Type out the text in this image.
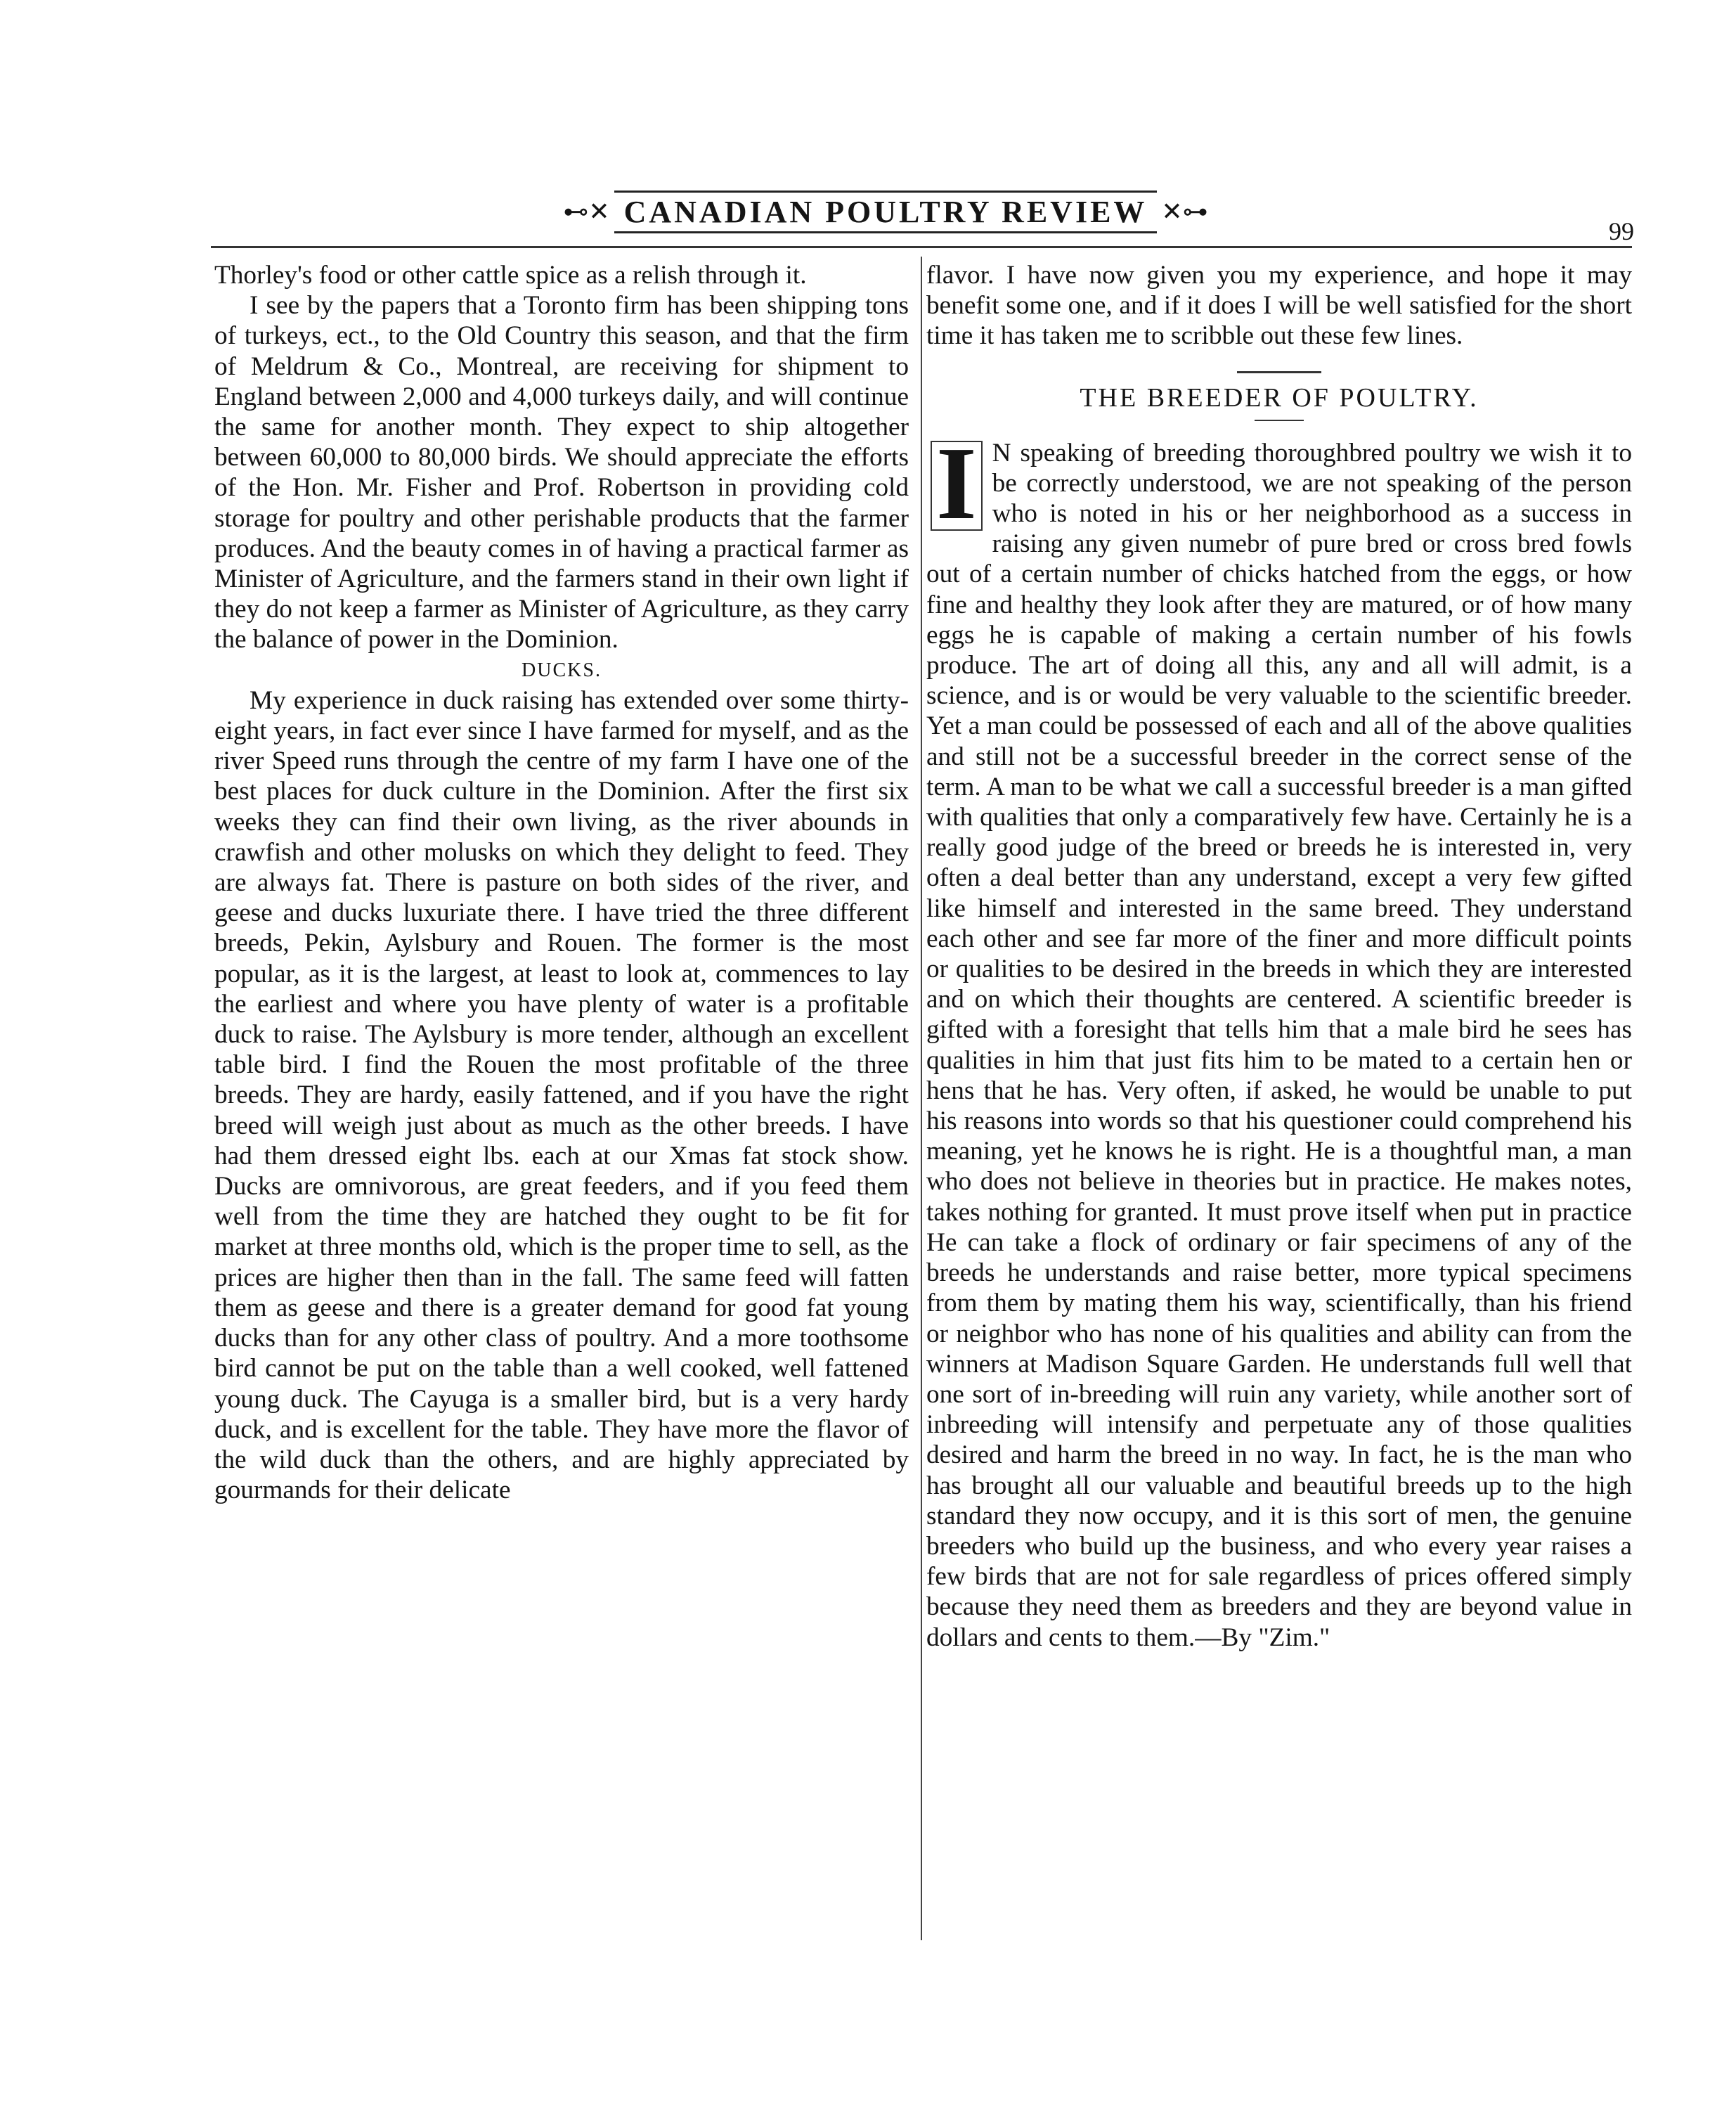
⊷✕ CANADIAN POULTRY REVIEW ✕⊶
99

Thorley's food or other cattle spice as a relish through it.

I see by the papers that a Toronto firm has been shipping tons of turkeys, ect., to the Old Country this season, and that the firm of Meldrum & Co., Montreal, are receiving for shipment to England between 2,000 and 4,000 turkeys daily, and will continue the same for another month. They expect to ship altogether between 60,000 to 80,000 birds. We should appreciate the efforts of the Hon. Mr. Fisher and Prof. Robertson in providing cold storage for poultry and other perishable products that the farmer produces. And the beauty comes in of having a practical farmer as Minister of Agriculture, and the farmers stand in their own light if they do not keep a farmer as Minister of Agriculture, as they carry the balance of power in the Dominion.

DUCKS.

My experience in duck raising has extended over some thirty-eight years, in fact ever since I have farmed for myself, and as the river Speed runs through the centre of my farm I have one of the best places for duck culture in the Dominion. After the first six weeks they can find their own living, as the river abounds in crawfish and other molusks on which they delight to feed. They are always fat. There is pasture on both sides of the river, and geese and ducks luxuriate there. I have tried the three different breeds, Pekin, Aylsbury and Rouen. The former is the most popular, as it is the largest, at least to look at, commences to lay the earliest and where you have plenty of water is a profitable duck to raise. The Aylsbury is more tender, although an excellent table bird. I find the Rouen the most profitable of the three breeds. They are hardy, easily fattened, and if you have the right breed will weigh just about as much as the other breeds. I have had them dressed eight lbs. each at our Xmas fat stock show. Ducks are omnivorous, are great feeders, and if you feed them well from the time they are hatched they ought to be fit for market at three months old, which is the proper time to sell, as the prices are higher then than in the fall. The same feed will fatten them as geese and there is a greater demand for good fat young ducks than for any other class of poultry. And a more toothsome bird cannot be put on the table than a well cooked, well fattened young duck. The Cayuga is a smaller bird, but is a very hardy duck, and is excellent for the table. They have more the flavor of the wild duck than the others, and are highly appreciated by gourmands for their delicate

flavor. I have now given you my experience, and hope it may benefit some one, and if it does I will be well satisfied for the short time it has taken me to scribble out these few lines.

THE BREEDER OF POULTRY.

I N speaking of breeding thoroughbred poultry we wish it to be correctly understood, we are not speaking of the person who is noted in his or her neighborhood as a success in raising any given numebr of pure bred or cross bred fowls out of a certain number of chicks hatched from the eggs, or how fine and healthy they look after they are matured, or of how many eggs he is capable of making a certain number of his fowls produce. The art of doing all this, any and all will admit, is a science, and is or would be very valuable to the scientific breeder. Yet a man could be possessed of each and all of the above qualities and still not be a successful breeder in the correct sense of the term. A man to be what we call a successful breeder is a man gifted with qualities that only a comparatively few have. Certainly he is a really good judge of the breed or breeds he is interested in, very often a deal better than any understand, except a very few gifted like himself and interested in the same breed. They understand each other and see far more of the finer and more difficult points or qualities to be desired in the breeds in which they are interested and on which their thoughts are centered. A scientific breeder is gifted with a foresight that tells him that a male bird he sees has qualities in him that just fits him to be mated to a certain hen or hens that he has. Very often, if asked, he would be unable to put his reasons into words so that his questioner could comprehend his meaning, yet he knows he is right. He is a thoughtful man, a man who does not believe in theories but in practice. He makes notes, takes nothing for granted. It must prove itself when put in practice He can take a flock of ordinary or fair specimens of any of the breeds he understands and raise better, more typical specimens from them by mating them his way, scientifically, than his friend or neighbor who has none of his qualities and ability can from the winners at Madison Square Garden. He understands full well that one sort of in-breeding will ruin any variety, while another sort of inbreeding will intensify and perpetuate any of those qualities desired and harm the breed in no way. In fact, he is the man who has brought all our valuable and beautiful breeds up to the high standard they now occupy, and it is this sort of men, the genuine breeders who build up the business, and who every year raises a few birds that are not for sale regardless of prices offered simply because they need them as breeders and they are beyond value in dollars and cents to them.—By "Zim."
